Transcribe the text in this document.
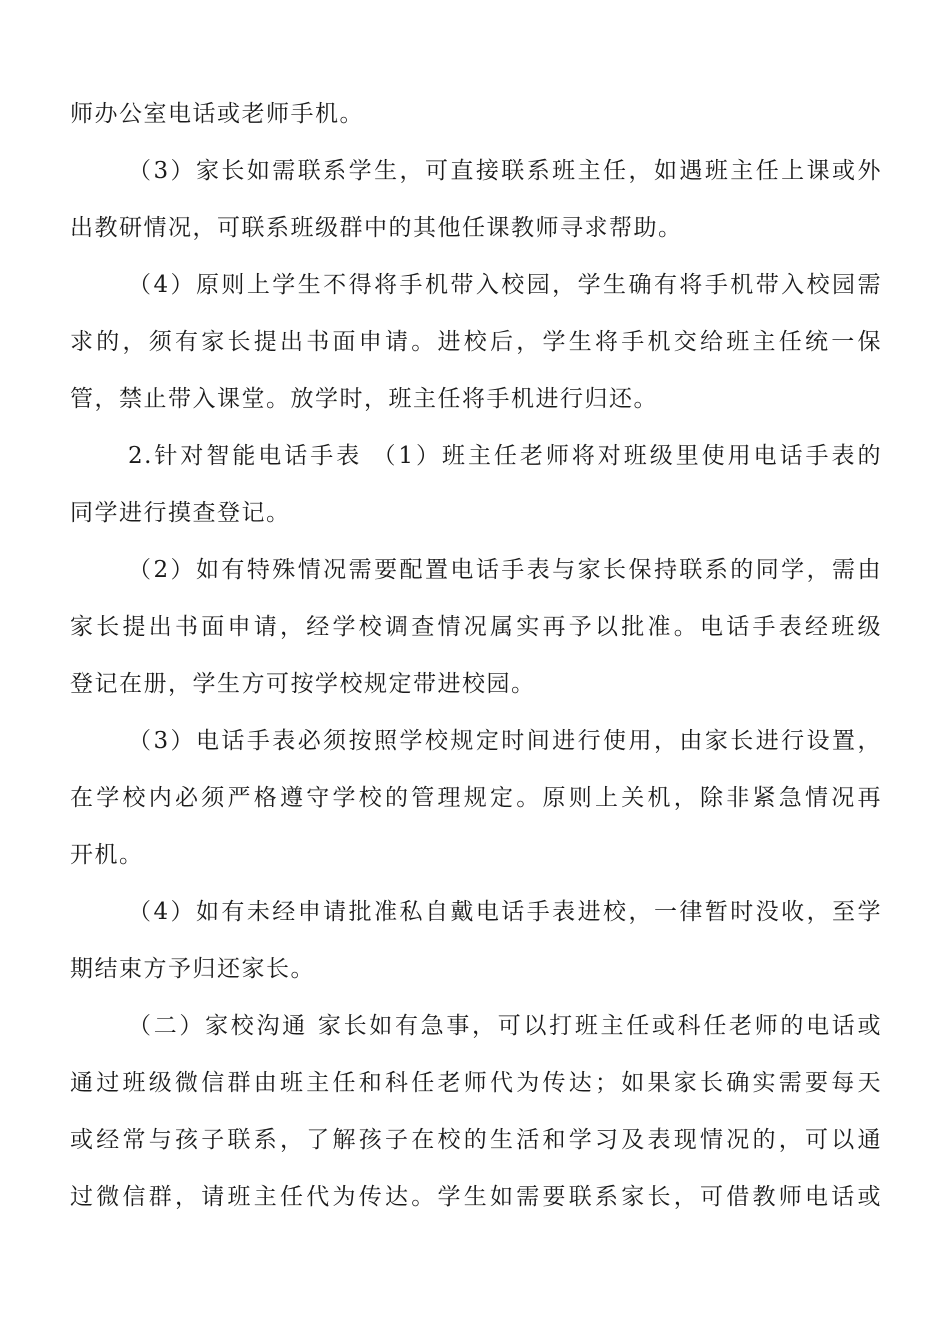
师办公室电话或老师手机。
（3）家长如需联系学生，可直接联系班主任，如遇班主任上课或外
出教研情况，可联系班级群中的其他任课教师寻求帮助。
（4）原则上学生不得将手机带入校园，学生确有将手机带入校园需
求的，须有家长提出书面申请。进校后，学生将手机交给班主任统一保
管，禁止带入课堂。放学时，班主任将手机进行归还。
2.针对智能电话手表 （1）班主任老师将对班级里使用电话手表的
同学进行摸查登记。
（2）如有特殊情况需要配置电话手表与家长保持联系的同学，需由
家长提出书面申请，经学校调查情况属实再予以批准。电话手表经班级
登记在册，学生方可按学校规定带进校园。
（3）电话手表必须按照学校规定时间进行使用，由家长进行设置，
在学校内必须严格遵守学校的管理规定。原则上关机，除非紧急情况再
开机。
（4）如有未经申请批准私自戴电话手表进校，一律暂时没收，至学
期结束方予归还家长。
（二）家校沟通 家长如有急事，可以打班主任或科任老师的电话或
通过班级微信群由班主任和科任老师代为传达；如果家长确实需要每天
或经常与孩子联系，了解孩子在校的生活和学习及表现情况的，可以通
过微信群，请班主任代为传达。学生如需要联系家长，可借教师电话或
